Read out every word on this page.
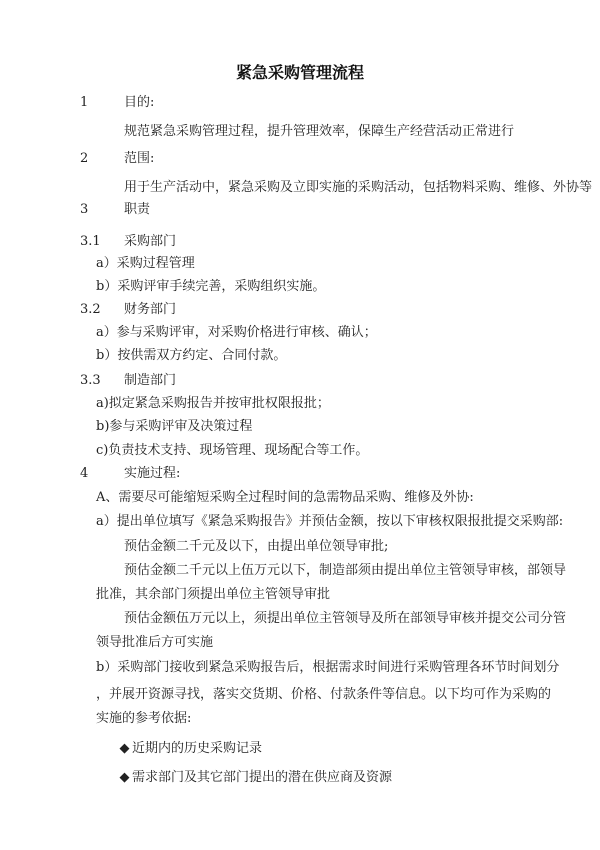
紧急采购管理流程
1	目的:
规范紧急采购管理过程，提升管理效率，保障生产经营活动正常进行
2	范围:
用于生产活动中，紧急采购及立即实施的采购活动，包括物料采购、维修、外协等
3	职责
3.1 采购部门
a）采购过程管理
b）采购评审手续完善，采购组织实施。
3.2 财务部门
a）参与采购评审，对采购价格进行审核、确认；
b）按供需双方约定、合同付款。
3.3 制造部门
a)拟定紧急采购报告并按审批权限报批；
b)参与采购评审及决策过程
c)负责技术支持、现场管理、现场配合等工作。
4	实施过程:
A、需要尽可能缩短采购全过程时间的急需物品采购、维修及外协:
a）提出单位填写《紧急采购报告》并预估金额，按以下审核权限报批提交采购部:
预估金额二千元及以下，由提出单位领导审批;
预估金额二千元以上伍万元以下，制造部须由提出单位主管领导审核，部领导
批准，其余部门须提出单位主管领导审批
预估金额伍万元以上，须提出单位主管领导及所在部领导审核并提交公司分管
领导批准后方可实施
b）采购部门接收到紧急采购报告后，根据需求时间进行采购管理各环节时间划分
，并展开资源寻找，落实交货期、价格、付款条件等信息。以下均可作为采购的
实施的参考依据:
◆ 近期内的历史采购记录
◆ 需求部门及其它部门提出的潜在供应商及资源
